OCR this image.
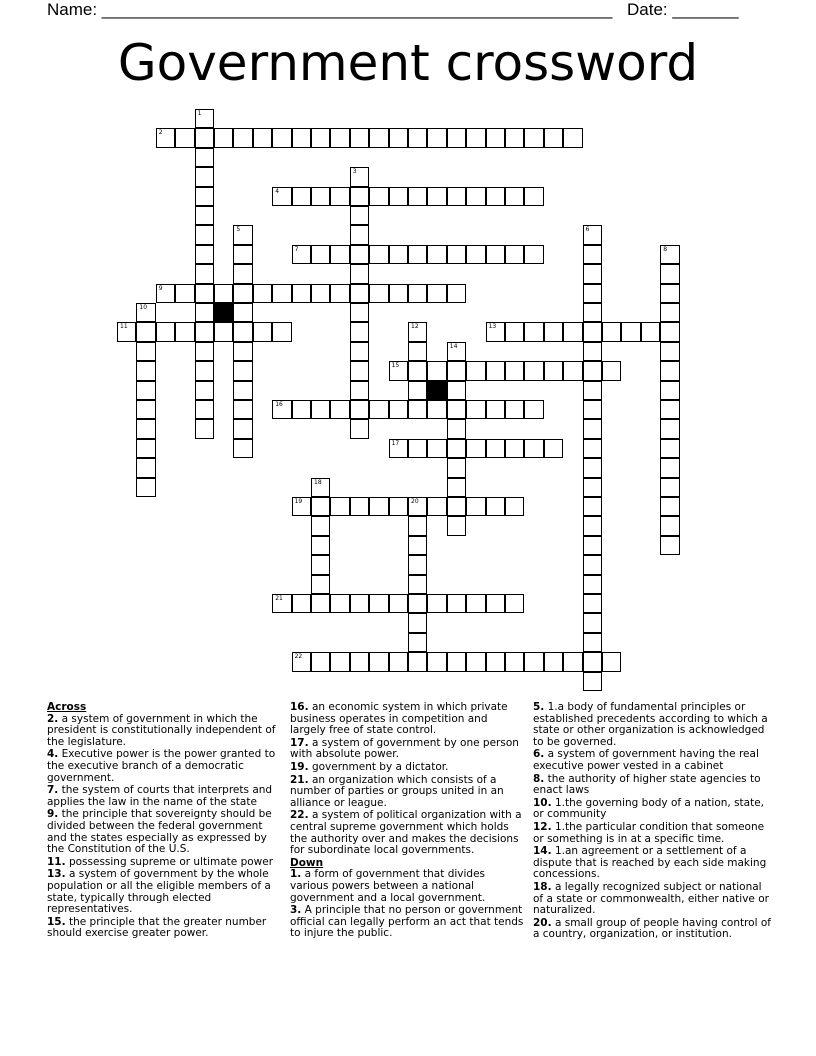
Name: ______________________________________________________ Date: _______
Government crossword
1
2
3
4
5	6
7	8
9
10
11	12	13
14
15
16
17
18
19	20
21
22
Across
2. a system of government in which the president is constitutionally independent of the legislature.
4. Executive power is the power granted to the executive branch of a democratic government.
7. the system of courts that interprets and applies the law in the name of the state
9. the principle that sovereignty should be divided between the federal government and the states especially as expressed by the Constitution of the U.S.
11. possessing supreme or ultimate power
13. a system of government by the whole population or all the eligible members of a state, typically through elected representatives.
15. the principle that the greater number should exercise greater power.
16. an economic system in which private business operates in competition and largely free of state control.
17. a system of government by one person with absolute power.
19. government by a dictator.
21. an organization which consists of a number of parties or groups united in an alliance or league.
22. a system of political organization with a central supreme government which holds the authority over and makes the decisions for subordinate local governments.
Down
1. a form of government that divides various powers between a national government and a local government.
3. A principle that no person or government official can legally perform an act that tends to injure the public.
5. 1.a body of fundamental principles or established precedents according to which a state or other organization is acknowledged to be governed.
6. a system of government having the real executive power vested in a cabinet
8. the authority of higher state agencies to enact laws
10. 1.the governing body of a nation, state, or community
12. 1.the particular condition that someone or something is in at a specific time.
14. 1.an agreement or a settlement of a dispute that is reached by each side making concessions.
18. a legally recognized subject or national of a state or commonwealth, either native or naturalized.
20. a small group of people having control of a country, organization, or institution.
